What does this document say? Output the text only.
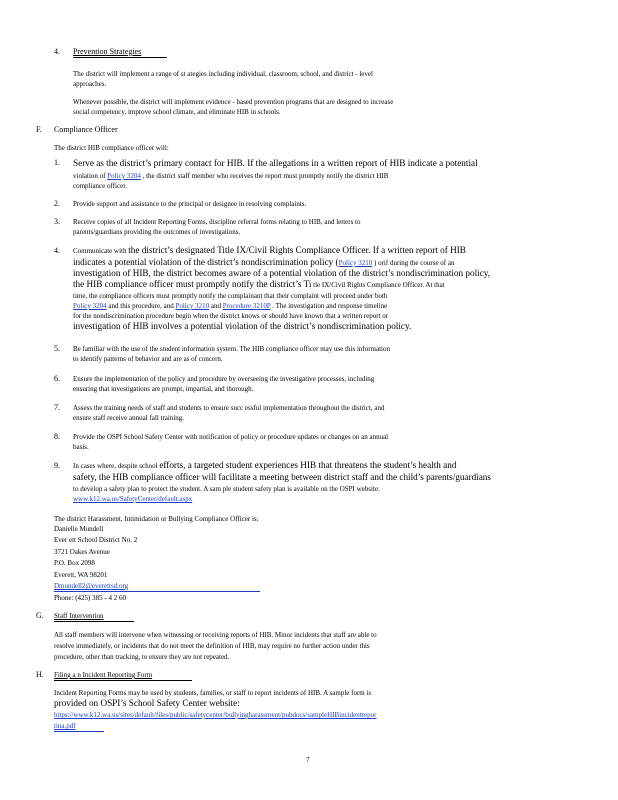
4. Prevention Strategies
The district will implement a range of st ategies including individual, classroom, school, and district - level
approaches.
Whenever possible, the district will implement evidence - based prevention programs that are designed to increase
social competency, improve school climate, and eliminate HIB in schools.
F. Compliance Officer
The district HIB compliance officer will:
1. Serve as the district’s primary contact for HIB. If the allegations in a written report of HIB indicate a potential
violation of Policy 3204 , the district staff member who receives the report must promptly notify the district HIB
compliance officer.
2. Provide support and assistance to the principal or designee in resolving complaints.
3. Receive copies of all Incident Reporting Forms, discipline referral forms relating to HIB, and letters to
parents/guardians providing the outcomes of investigations.
4. Communicate with the district’s designated Title IX/Civil Rights Compliance Officer. If a written report of HIB
indicates a potential violation of the district’s nondiscrimination policy (Policy 3210 ) orif during the course of an
investigation of HIB, the district becomes aware of a potential violation of the district’s nondiscrimination policy,
the HIB compliance officer must promptly notify the district’s Ti tle IX/Civil Rights Compliance Officer. At that
time, the compliance officers must promptly notify the complainant that their complaint will proceed under both
Policy 3204 and this procedure, and Policy 3210 and Procedure 3210P . The investigation and response timeline
for the nondiscrimination procedure begin when the district knows or should have known that a written report or
investigation of HIB involves a potential violation of the district’s nondiscrimination policy.
5. Be familiar with the use of the student information system. The HIB compliance officer may use this information
to identify patterns of behavior and are as of concern.
6. Ensure the implementation of the policy and procedure by overseeing the investigative processes, including
ensuring that investigations are prompt, impartial, and thorough.
7. Assess the training needs of staff and students to ensure succ essful implementation throughout the district, and
ensure staff receive annual fall training.
8. Provide the OSPI School Safety Center with notification of policy or procedure updates or changes on an annual
basis.
9. In cases where, despite school efforts, a targeted student experiences HIB that threatens the student’s health and
safety, the HIB compliance officer will facilitate a meeting between district staff and the child’s parents/guardians
to develop a safety plan to protect the student. A sam ple student safety plan is available on the OSPI website:
www.k12.wa.us/SafetyCenter/default.aspx
The district Harassment, Intimidation or Bullying Compliance Officer is:
Danielle Mundell
Ever ett School District No. 2
3721 Oakes Avenue
P.O. Box 2098
Everett, WA 98201
Dmundell2@everettsd.org
Phone: (425) 385 - 4 2 60
G. Staff Intervention
All staff members will intervene when witnessing or receiving reports of HIB. Minor incidents that staff are able to
resolve immediately, or incidents that do not meet the definition of HIB, may require no further action under this
procedure, other than tracking, to ensure they are not repeated.
H. Filing a n Incident Reporting Form
Incident Reporting Forms may be used by students, families, or staff to report incidents of HIB. A sample form is
provided on OSPI’s School Safety Center website:
https://www.k12.wa.us/sites/default/files/public/safetycenter/bullyingharassment/pubdocs/sampleHIBincidentrepor
tina.pdf
7
